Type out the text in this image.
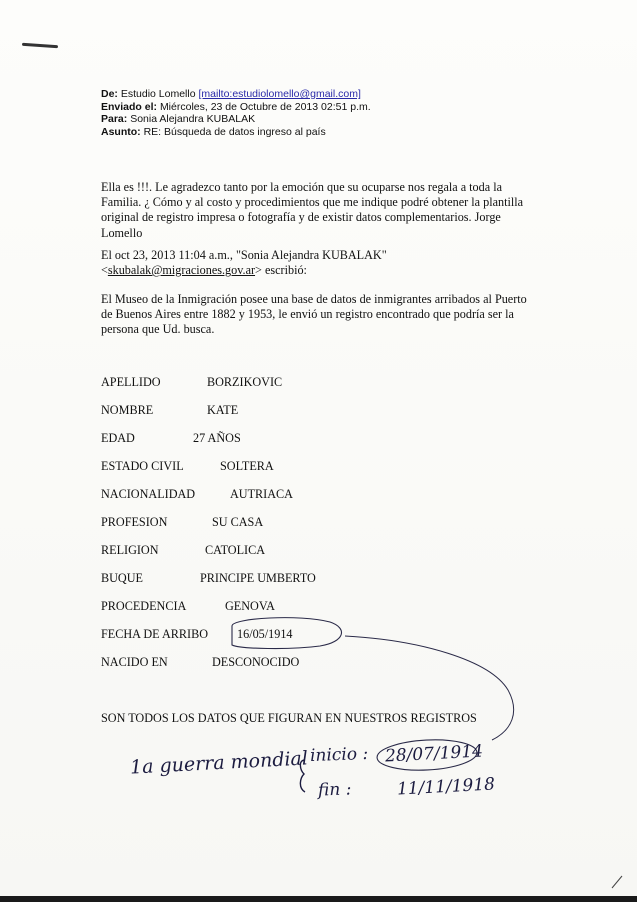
De: Estudio Lomello [mailto:estudiolomello@gmail.com]
Enviado el: Miércoles, 23 de Octubre de 2013 02:51 p.m.
Para: Sonia Alejandra KUBALAK
Asunto: RE: Búsqueda de datos ingreso al país
Ella es !!!. Le agradezco tanto por la emoción que su ocuparse nos regala a toda la Familia. ¿ Cómo y al costo y procedimientos que me indique podré obtener la plantilla original de registro impresa o fotografía y de existir datos complementarios. Jorge Lomello
El oct 23, 2013 11:04 a.m., "Sonia Alejandra KUBALAK"
<skubalak@migraciones.gov.ar> escribió:
El Museo de la Inmigración posee una base de datos de inmigrantes arribados al Puerto de Buenos Aires entre 1882 y 1953, le envió un registro encontrado que podría ser la persona que Ud. busca.
APELLIDO	BORZIKOVIC
NOMBRE	KATE
EDAD	27 AÑOS
ESTADO CIVIL	SOLTERA
NACIONALIDAD	AUTRIACA
PROFESION	SU CASA
RELIGION	CATOLICA
BUQUE	PRINCIPE UMBERTO
PROCEDENCIA	GENOVA
FECHA DE ARRIBO 16/05/1914
NACIDO EN	DESCONOCIDO
SON TODOS LOS DATOS QUE FIGURAN EN NUESTROS REGISTROS
1a guerra mondial inicio : 28/07/1914
fin :	11/11/1918
